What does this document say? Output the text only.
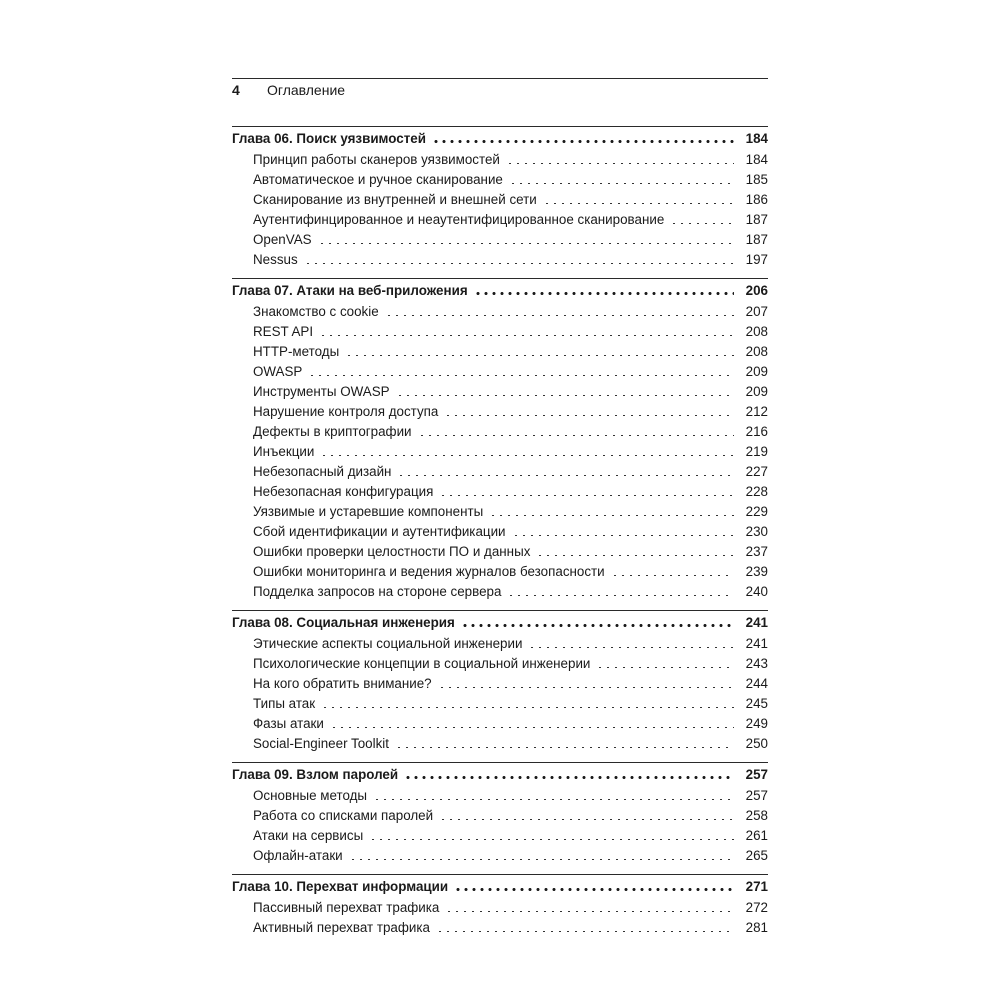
4	Оглавление
Глава 06. Поиск уязвимостей	184
Принцип работы сканеров уязвимостей	184
Автоматическое и ручное сканирование	185
Сканирование из внутренней и внешней сети	186
Аутентифинцированное и неаутентифицированное сканирование	187
OpenVAS	187
Nessus	197
Глава 07. Атаки на веб-приложения	206
Знакомство с cookie	207
REST API	208
HTTP-методы	208
OWASP	209
Инструменты OWASP	209
Нарушение контроля доступа	212
Дефекты в криптографии	216
Инъекции	219
Небезопасный дизайн	227
Небезопасная конфигурация	228
Уязвимые и устаревшие компоненты	229
Сбой идентификации и аутентификации	230
Ошибки проверки целостности ПО и данных	237
Ошибки мониторинга и ведения журналов безопасности	239
Подделка запросов на стороне сервера	240
Глава 08. Социальная инженерия	241
Этические аспекты социальной инженерии	241
Психологические концепции в социальной инженерии	243
На кого обратить внимание?	244
Типы атак	245
Фазы атаки	249
Social-Engineer Toolkit	250
Глава 09. Взлом паролей	257
Основные методы	257
Работа со списками паролей	258
Атаки на сервисы	261
Офлайн-атаки	265
Глава 10. Перехват информации	271
Пассивный перехват трафика	272
Активный перехват трафика	281
